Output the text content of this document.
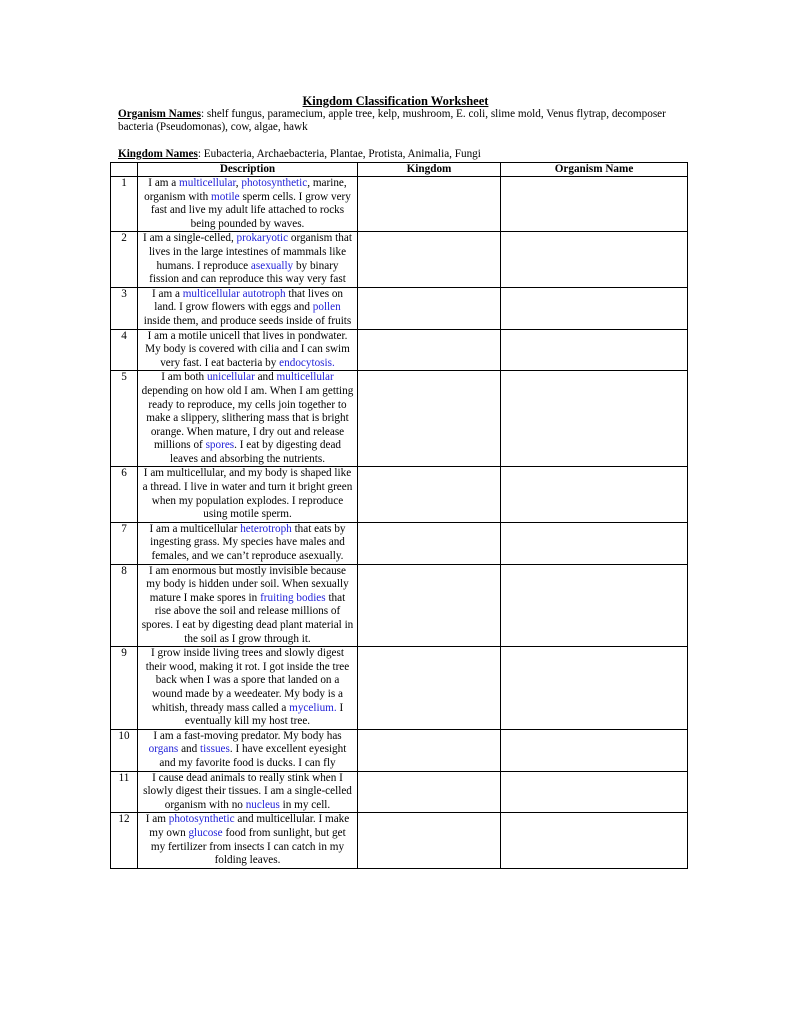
Kingdom Classification Worksheet
Organism Names: shelf fungus, paramecium, apple tree, kelp, mushroom, E. coli, slime mold, Venus flytrap, decomposer bacteria (Pseudomonas), cow, algae, hawk
Kingdom Names: Eubacteria, Archaebacteria, Plantae, Protista, Animalia, Fungi
	Description	Kingdom	Organism Name
1	I am a multicellular, photosynthetic, marine, organism with motile sperm cells. I grow very fast and live my adult life attached to rocks being pounded by waves.		
2	I am a single-celled, prokaryotic organism that lives in the large intestines of mammals like humans. I reproduce asexually by binary fission and can reproduce this way very fast		
3	I am a multicellular autotroph that lives on land. I grow flowers with eggs and pollen inside them, and produce seeds inside of fruits		
4	I am a motile unicell that lives in pondwater. My body is covered with cilia and I can swim very fast. I eat bacteria by endocytosis.		
5	I am both unicellular and multicellular depending on how old I am. When I am getting ready to reproduce, my cells join together to make a slippery, slithering mass that is bright orange. When mature, I dry out and release millions of spores. I eat by digesting dead leaves and absorbing the nutrients.		
6	I am multicellular, and my body is shaped like a thread. I live in water and turn it bright green when my population explodes. I reproduce using motile sperm.		
7	I am a multicellular heterotroph that eats by ingesting grass. My species have males and females, and we can’t reproduce asexually.		
8	I am enormous but mostly invisible because my body is hidden under soil. When sexually mature I make spores in fruiting bodies that rise above the soil and release millions of spores. I eat by digesting dead plant material in the soil as I grow through it.		
9	I grow inside living trees and slowly digest their wood, making it rot. I got inside the tree back when I was a spore that landed on a wound made by a weedeater. My body is a whitish, thready mass called a mycelium. I eventually kill my host tree.		
10	I am a fast-moving predator. My body has organs and tissues. I have excellent eyesight and my favorite food is ducks. I can fly		
11	I cause dead animals to really stink when I slowly digest their tissues. I am a single-celled organism with no nucleus in my cell.		
12	I am photosynthetic and multicellular. I make my own glucose food from sunlight, but get my fertilizer from insects I can catch in my folding leaves.		
